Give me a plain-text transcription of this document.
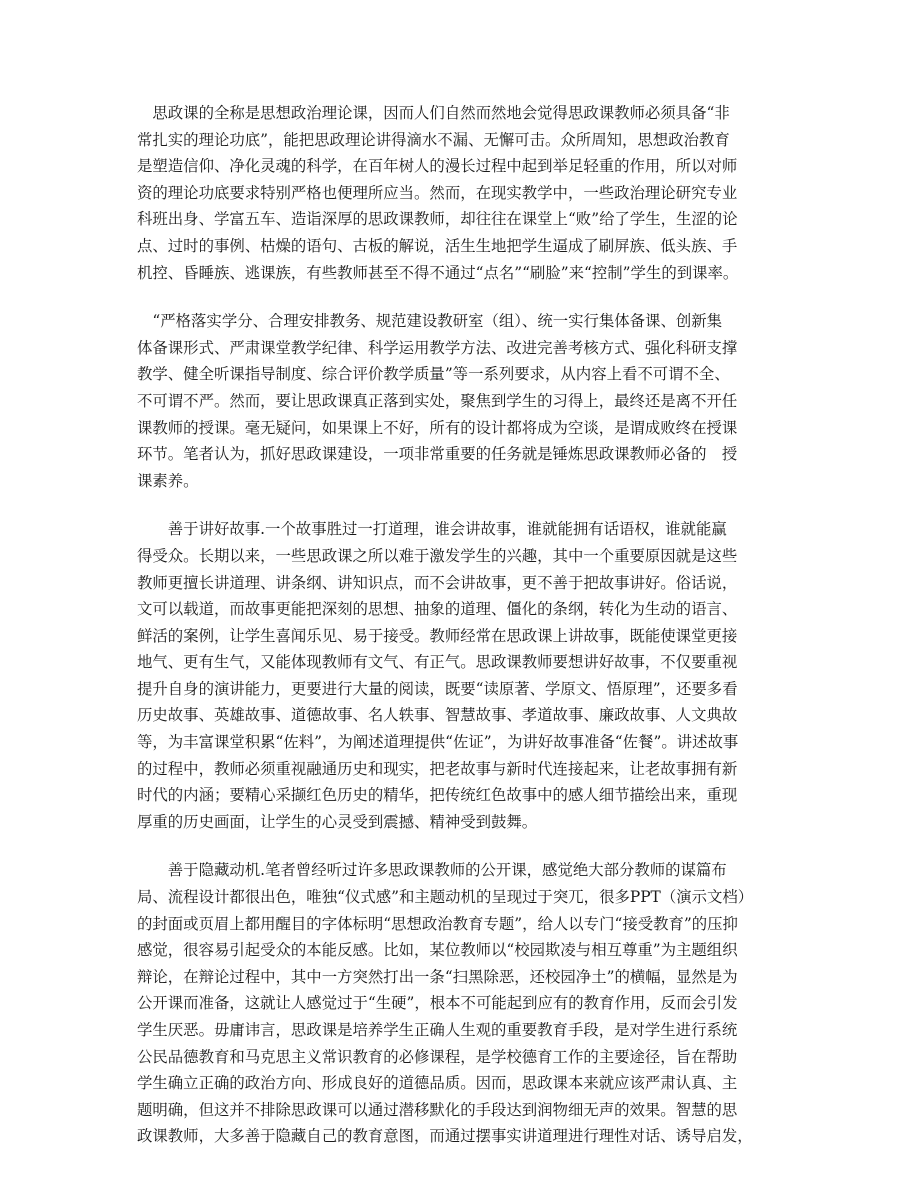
　思政课的全称是思想政治理论课，因而人们自然而然地会觉得思政课教师必须具备“非
常扎实的理论功底”，能把思政理论讲得滴水不漏、无懈可击。众所周知，思想政治教育
是塑造信仰、净化灵魂的科学，在百年树人的漫长过程中起到举足轻重的作用，所以对师
资的理论功底要求特别严格也便理所应当。然而，在现实教学中，一些政治理论研究专业
科班出身、学富五车、造诣深厚的思政课教师，却往往在课堂上“败”给了学生，生涩的论
点、过时的事例、枯燥的语句、古板的解说，活生生地把学生逼成了刷屏族、低头族、手
机控、昏睡族、逃课族，有些教师甚至不得不通过“点名”“刷脸”来“控制”学生的到课率。
　“严格落实学分、合理安排教务、规范建设教研室（组）、统一实行集体备课、创新集
体备课形式、严肃课堂教学纪律、科学运用教学方法、改进完善考核方式、强化科研支撑
教学、健全听课指导制度、综合评价教学质量”等一系列要求，从内容上看不可谓不全、
不可谓不严。然而，要让思政课真正落到实处，聚焦到学生的习得上，最终还是离不开任
课教师的授课。毫无疑问，如果课上不好，所有的设计都将成为空谈，是谓成败终在授课
环节。笔者认为，抓好思政课建设，一项非常重要的任务就是锤炼思政课教师必备的　授
课素养。
　　善于讲好故事.一个故事胜过一打道理，谁会讲故事，谁就能拥有话语权，谁就能赢
得受众。长期以来，一些思政课之所以难于激发学生的兴趣，其中一个重要原因就是这些
教师更擅长讲道理、讲条纲、讲知识点，而不会讲故事，更不善于把故事讲好。俗话说，
文可以载道，而故事更能把深刻的思想、抽象的道理、僵化的条纲，转化为生动的语言、
鲜活的案例，让学生喜闻乐见、易于接受。教师经常在思政课上讲故事，既能使课堂更接
地气、更有生气，又能体现教师有文气、有正气。思政课教师要想讲好故事，不仅要重视
提升自身的演讲能力，更要进行大量的阅读，既要“读原著、学原文、悟原理”，还要多看
历史故事、英雄故事、道德故事、名人轶事、智慧故事、孝道故事、廉政故事、人文典故
等，为丰富课堂积累“佐料”，为阐述道理提供“佐证”，为讲好故事准备“佐餐”。讲述故事
的过程中，教师必须重视融通历史和现实，把老故事与新时代连接起来，让老故事拥有新
时代的内涵；要精心采撷红色历史的精华，把传统红色故事中的感人细节描绘出来，重现
厚重的历史画面，让学生的心灵受到震撼、精神受到鼓舞。
　　善于隐藏动机.笔者曾经听过许多思政课教师的公开课，感觉绝大部分教师的谋篇布
局、流程设计都很出色，唯独“仪式感”和主题动机的呈现过于突兀，很多PPT（演示文档）
的封面或页眉上都用醒目的字体标明“思想政治教育专题”，给人以专门“接受教育”的压抑
感觉，很容易引起受众的本能反感。比如，某位教师以“校园欺凌与相互尊重”为主题组织
辩论，在辩论过程中，其中一方突然打出一条“扫黑除恶，还校园净土”的横幅，显然是为
公开课而准备，这就让人感觉过于“生硬”，根本不可能起到应有的教育作用，反而会引发
学生厌恶。毋庸讳言，思政课是培养学生正确人生观的重要教育手段，是对学生进行系统
公民品德教育和马克思主义常识教育的必修课程，是学校德育工作的主要途径，旨在帮助
学生确立正确的政治方向、形成良好的道德品质。因而，思政课本来就应该严肃认真、主
题明确，但这并不排除思政课可以通过潜移默化的手段达到润物细无声的效果。智慧的思
政课教师，大多善于隐藏自己的教育意图，而通过摆事实讲道理进行理性对话、诱导启发，
